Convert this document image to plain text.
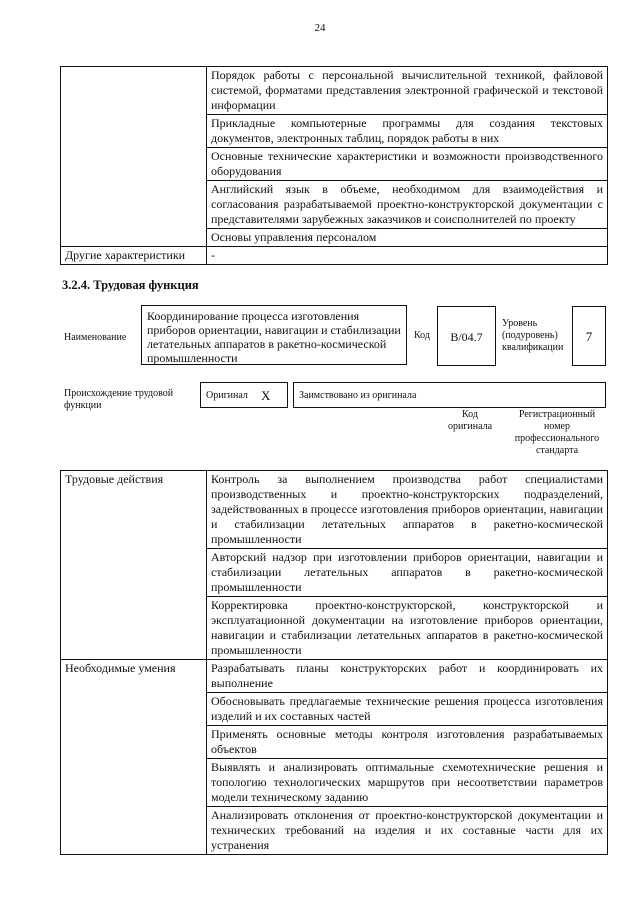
24
	Порядок работы с персональной вычислительной техникой, файловой системой, форматами представления электронной графической и текстовой информации
	Прикладные компьютерные программы для создания текстовых документов, электронных таблиц, порядок работы в них
	Основные технические характеристики и возможности производственного оборудования
	Английский язык в объеме, необходимом для взаимодействия и согласования разрабатываемой проектно-конструкторской документации с представителями зарубежных заказчиков и соисполнителей по проекту
	Основы управления персоналом
Другие характеристики	-
3.2.4. Трудовая функция
Наименование
Координирование процесса изготовления приборов ориентации, навигации и стабилизации летательных аппаратов в ракетно-космической промышленности
Код	В/04.7
Уровень (подуровень) квалификации
7
Происхождение трудовой функции
Оригинал X	Заимствовано из оригинала
Код оригинала
Регистрационный номер профессионального стандарта
Трудовые действия	Контроль за выполнением производства работ специалистами производственных и проектно-конструкторских подразделений, задействованных в процессе изготовления приборов ориентации, навигации и стабилизации летательных аппаратов в ракетно-космической промышленности
	Авторский надзор при изготовлении приборов ориентации, навигации и стабилизации летательных аппаратов в ракетно-космической промышленности
	Корректировка проектно-конструкторской, конструкторской и эксплуатационной документации на изготовление приборов ориентации, навигации и стабилизации летательных аппаратов в ракетно-космической промышленности
Необходимые умения	Разрабатывать планы конструкторских работ и координировать их выполнение
	Обосновывать предлагаемые технические решения процесса изготовления изделий и их составных частей
	Применять основные методы контроля изготовления разрабатываемых объектов
	Выявлять и анализировать оптимальные схемотехнические решения и топологию технологических маршрутов при несоответствии параметров модели техническому заданию
	Анализировать отклонения от проектно-конструкторской документации и технических требований на изделия и их составные части для их устранения
